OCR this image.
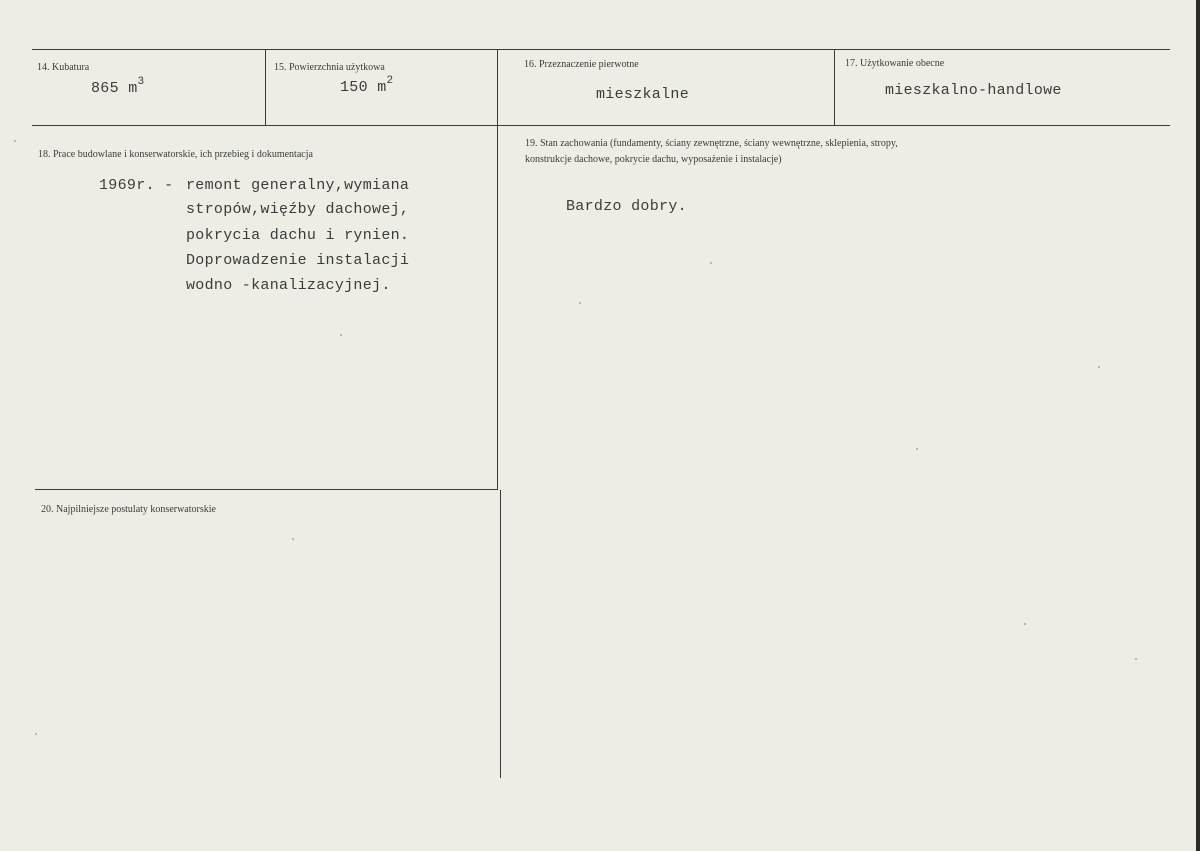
14. Kubatura
865 $m^3$
15. Powierzchnia użytkowa
150 $m^2$
16. Przeznaczenie pierwotne
mieszkalne
17. Użytkowanie obecne
mieszkalno-handlowe
18. Prace budowlane i konserwatorskie, ich przebieg i dokumentacja
1969r. - remont generalny,wymiana
stropów,więźby dachowej,
pokrycia dachu i rynien.
Doprowadzenie instalacji
wodno -kanalizacyjnej.
19. Stan zachowania (fundamenty, ściany zewnętrzne, ściany wewnętrzne, sklepienia, stropy,
konstrukcje dachowe, pokrycie dachu, wyposażenie i instalacje)
Bardzo dobry.
20. Najpilniejsze postulaty konserwatorskie
